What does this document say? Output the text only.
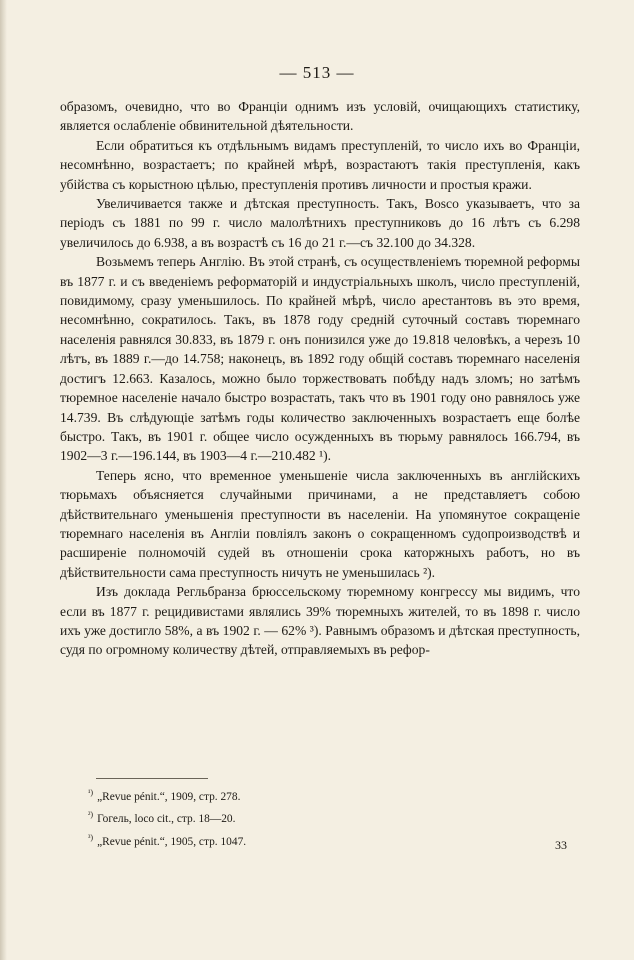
— 513 —

образомъ, очевидно, что во Франціи однимъ изъ условій, очищающихъ статистику, является ослабленіе обвинительной дѣятельности.

Если обратиться къ отдѣльнымъ видамъ преступленій, то число ихъ во Франціи, несомнѣнно, возрастаетъ; по крайней мѣрѣ, возрастаютъ такія преступленія, какъ убійства съ корыстною цѣлью, преступленія противъ личности и простыя кражи.

Увеличивается также и дѣтская преступность. Такъ, Bosco указываетъ, что за періодъ съ 1881 по 99 г. число малолѣтнихъ преступниковъ до 16 лѣтъ съ 6.298 увеличилось до 6.938, а въ возрастѣ съ 16 до 21 г.—съ 32.100 до 34.328.

Возьмемъ теперь Англію. Въ этой странѣ, съ осуществленіемъ тюремной реформы въ 1877 г. и съ введеніемъ реформаторій и индустріальныхъ школъ, число преступленій, повидимому, сразу уменьшилось. По крайней мѣрѣ, число арестантовъ въ это время, несомнѣнно, сократилось. Такъ, въ 1878 году средній суточный составъ тюремнаго населенія равнялся 30.833, въ 1879 г. онъ понизился уже до 19.818 человѣкъ, а черезъ 10 лѣтъ, въ 1889 г.—до 14.758; наконецъ, въ 1892 году общій составъ тюремнаго населенія достигъ 12.663. Казалось, можно было торжествовать побѣду надъ зломъ; но затѣмъ тюремное населеніе начало быстро возрастать, такъ что въ 1901 году оно равнялось уже 14.739. Въ слѣдующіе затѣмъ годы количество заключенныхъ возрастаетъ еще болѣе быстро. Такъ, въ 1901 г. общее число осужденныхъ въ тюрьму равнялось 166.794, въ 1902—3 г.—196.144, въ 1903—4 г.—210.482 ¹).

Теперь ясно, что временное уменьшеніе числа заключенныхъ въ англійскихъ тюрьмахъ объясняется случайными причинами, а не представляетъ собою дѣйствительнаго уменьшенія преступности въ населеніи. На упомянутое сокращеніе тюремнаго населенія въ Англіи повліялъ законъ о сокращенномъ судопроизводствѣ и расширеніе полномочій судей въ отношеніи срока каторжныхъ работъ, но въ дѣйствительности сама преступность ничуть не уменьшилась ²).

Изъ доклада Регльбранза брюссельскому тюремному конгрессу мы видимъ, что если въ 1877 г. рецидивистами являлись 39% тюремныхъ жителей, то въ 1898 г. число ихъ уже достигло 58%, а въ 1902 г. — 62% ³). Равнымъ образомъ и дѣтская преступность, судя по огромному количеству дѣтей, отправляемыхъ въ рефор-

$^{^1)}$ „Revue pénit.“, 1909, стр. 278.
$^{^2)}$ Гогель, loco cit., стр. 18—20.
$^{^3)}$ „Revue pénit.“, 1905, стр. 1047.	33
